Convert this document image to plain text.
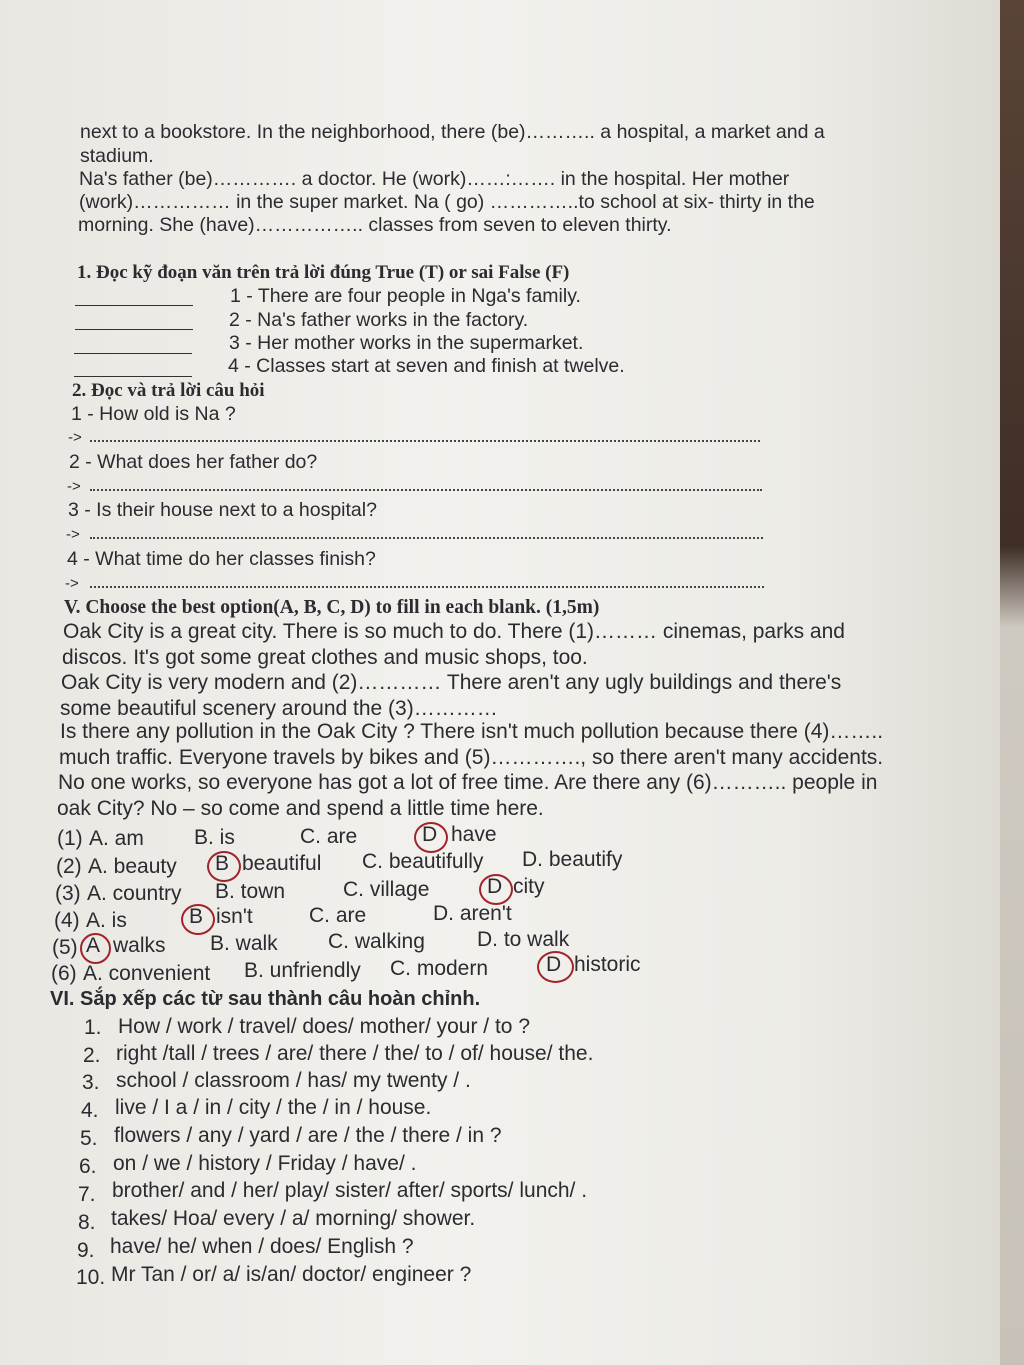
next to a bookstore. In the neighborhood, there (be)……….. a hospital, a market and a
stadium.
Na's father (be)…………. a doctor. He (work)……:……. in the hospital. Her mother
(work)…………… in the super market. Na ( go) …………..to school at six- thirty in the
morning. She (have)…………….. classes from seven to eleven thirty.
1. Đọc kỹ đoạn văn trên trả lời đúng True (T) or sai False (F)
1 - There are four people in Nga's family.
2 - Na's father works in the factory.
3 - Her mother works in the supermarket.
4 - Classes start at seven and finish at twelve.
2. Đọc và trả lời câu hỏi
1 - How old is Na ?
->
2 - What does her father do?
->
3 - Is their house next to a hospital?
->
4 - What time do her classes finish?
->
V. Choose the best option(A, B, C, D) to fill in each blank. (1,5m)
Oak City is a great city. There is so much to do. There (1)……… cinemas, parks and
discos. It's got some great clothes and music shops, too.
Oak City is very modern and (2)………… There aren't any ugly buildings and there's
some beautiful scenery around the (3)…………
Is there any pollution in the Oak City ? There isn't much pollution because there (4)……..
much traffic. Everyone travels by bikes and (5)…………., so there aren't many accidents.
No one works, so everyone has got a lot of free time. Are there any (6)……….. people in
oak City? No – so come and spend a little time here.
(1) A. am B. is	C. are	D have
(2) A. beauty B beautiful C. beautifully D. beautify
(3) A. country B. town	C. village	D city
(4) A. is	B isn't	C. are	D. aren't
(5) A walks B. walk C. walking D. to walk
(6) A. convenient B. unfriendly C. modern	D historic
VI. Sắp xếp các từ sau thành câu hoàn chỉnh.
1. How / work / travel/ does/ mother/ your / to ?
2. right /tall / trees / are/ there / the/ to / of/ house/ the.
3. school / classroom / has/ my twenty / .
4. live / I a / in / city / the / in / house.
5. flowers / any / yard / are / the / there / in ?
6. on / we / history / Friday / have/ .
7. brother/ and / her/ play/ sister/ after/ sports/ lunch/ .
8. takes/ Hoa/ every / a/ morning/ shower.
9. have/ he/ when / does/ English ?
10. Mr Tan / or/ a/ is/an/ doctor/ engineer ?
